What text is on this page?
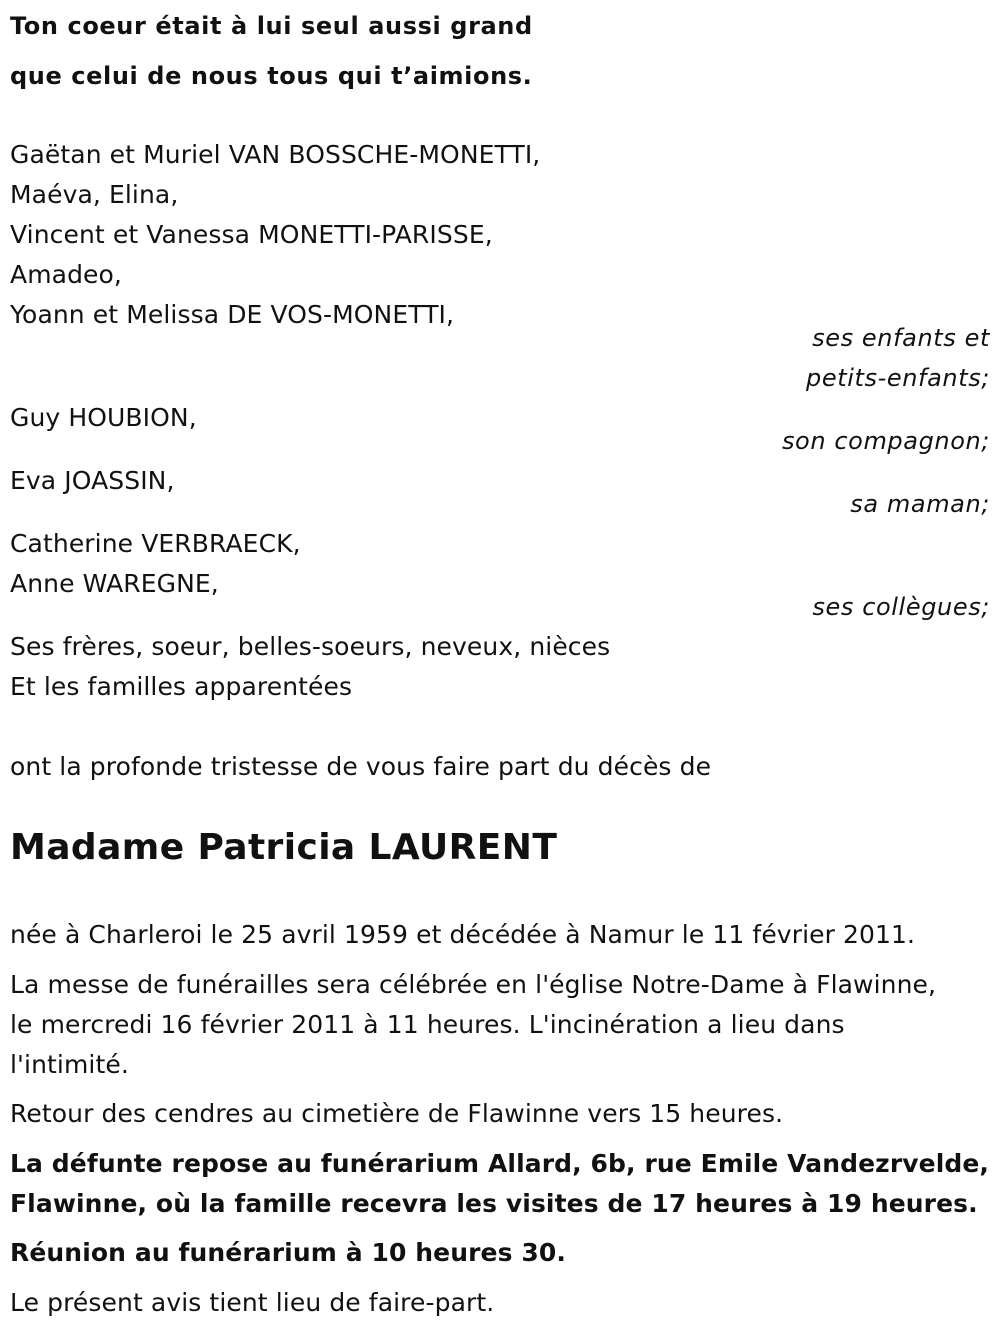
Ton coeur était à lui seul aussi grand
que celui de nous tous qui t’aimions.
Gaëtan et Muriel VAN BOSSCHE-MONETTI,
Maéva, Elina,
Vincent et Vanessa MONETTI-PARISSE,
Amadeo,
Yoann et Melissa DE VOS-MONETTI,
ses enfants et
petits-enfants;
Guy HOUBION,
son compagnon;
Eva JOASSIN,
sa maman;
Catherine VERBRAECK,
Anne WAREGNE,
ses collègues;
Ses frères, soeur, belles-soeurs, neveux, nièces
Et les familles apparentées
ont la profonde tristesse de vous faire part du décès de
Madame Patricia LAURENT
née à Charleroi le 25 avril 1959 et décédée à Namur le 11 février 2011.
La messe de funérailles sera célébrée en l'église Notre-Dame à Flawinne,
le mercredi 16 février 2011 à 11 heures. L'incinération a lieu dans
l'intimité.
Retour des cendres au cimetière de Flawinne vers 15 heures.
La défunte repose au funérarium Allard, 6b, rue Emile Vandezrvelde,
Flawinne, où la famille recevra les visites de 17 heures à 19 heures.
Réunion au funérarium à 10 heures 30.
Le présent avis tient lieu de faire-part.
